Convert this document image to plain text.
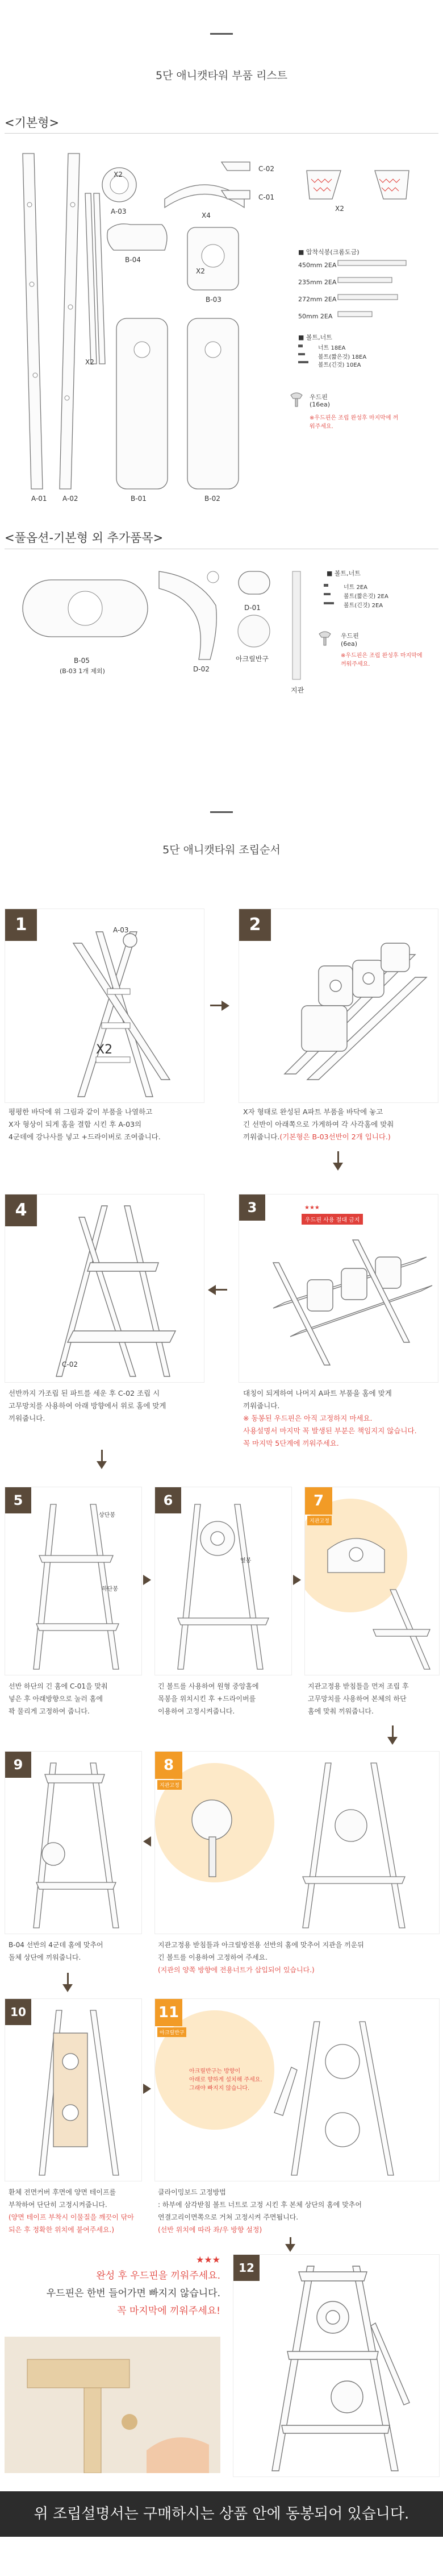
5단 애니캣타워 부품 리스트
<기본형>
A-03
X2
C-02
C-01
X4
B-04
B-03
X2
X2
X2
A-01 A-02	B-01	B-02
■ 압착식봉(크롬도금)
450mm 2EA
235mm 2EA
272mm 2EA
50mm 2EA
■ 볼트,너트
너트 18EA
볼트(짧은것) 18EA
볼트(긴것) 10EA
우드핀
(16ea)
※우드핀은 조립 완성후 마지막에 꺼워주세요.
<풀옵션-기본형 외 추가품목>
B-05
(B-03 1개 제외)	D-02
D-01
아크릴반구
지관
■ 볼트,너트
너트 2EA
볼트(짧은것) 2EA
볼트(긴것) 2EA
우드핀
(6ea)
※우드핀은 조립 완성후 마지막에 꺼워주세요.
5단 애니캣타워 조립순서
1	A-03
X2
평평한 바닥에 위 그림과 같이 부품을 나열하고
X자 형상이 되게 홈을 결합 시킨 후 A-03의
4군데에 강나사를 넣고 +드라이버로 조여줍니다.
2
X자 형태로 완성된 A파트 부품을 바닥에 놓고
긴 선반이 아래쪽으로 가게하여 각 사각홈에 맞춰
끼워줍니다.(기본형은 B-03선반이 2개 입니다.)
4
C-02
선반까지 가조립 된 파트를 세운 후 C-02 조립 시
고무망치를 사용하여 아래 방향에서 위로 홈에 맞게
끼워줍니다.
3	★★★
우드핀 사용 절대 금지
대칭이 되게하여 나머지 A파트 부품을 홈에 맞게
끼워줍니다.
※ 동봉된 우드핀은 아직 고정하지 마세요.
사용설명서 마지막 꼭 발생된 부분은 책임지지 않습니다.
꼭 마지막 5단계에 끼워주세요.
5
상단봉
하단봉
선반 하단의 긴 홈에 C-01을 맞춰
넣은 후 아래방향으로 눌러 홈에
꽉 물리게 고정하여 줍니다.
6
옆봉
긴 볼트를 사용하여 원형 중앙홀에
목봉을 위치시킨 후 +드라이버를
이용하여 고정시켜줍니다.
7
지관고정
지관고정용 받침틀을 먼저 조립 후
고무망치를 사용하여 본체의 하단
홈에 맞춰 끼워줍니다.
9
B-04 선반의 4군데 홈에 맞추어
돌체 상단에 끼워줍니다.
8
지관고정
지관고정용 받침틀과 아크릴방전용 선반의 홈에 맞추어 지관을 끼운뒤
긴 볼트를 이용하여 고정하여 주세요.
(지관의 양쪽 방향에 전용너트가 삽입되어 있습니다.)
10
환체 전면커버 후면에 양면 테이프를
부착하여 단단히 고정시켜줍니다.
(양면 테이프 부착시 이물질을 깨끗이 닦아
되은 후 정확한 위치에 붙여주세요.)
11
아크릴반구
아크릴반구는 방향이
아래로 향하게 설치해 주세요.
그래야 빠지지 않습니다.
클라이밍보드 고정방법
: 하부에 삼각받침 볼트 너트로 고정 시킨 후 본체 상단의 홈에 맞추어
연결고리이면쪽으로 거쳐 고정시켜 주면됩니다.
(선반 위치에 따라 좌/우 방향 설정)
★★★
완성 후 우드핀을 끼워주세요.
우드핀은 한번 들어가면 빠지지 않습니다.
꼭 마지막에 끼워주세요!
12
위 조립설명서는 구매하시는 상품 안에 동봉되어 있습니다.
